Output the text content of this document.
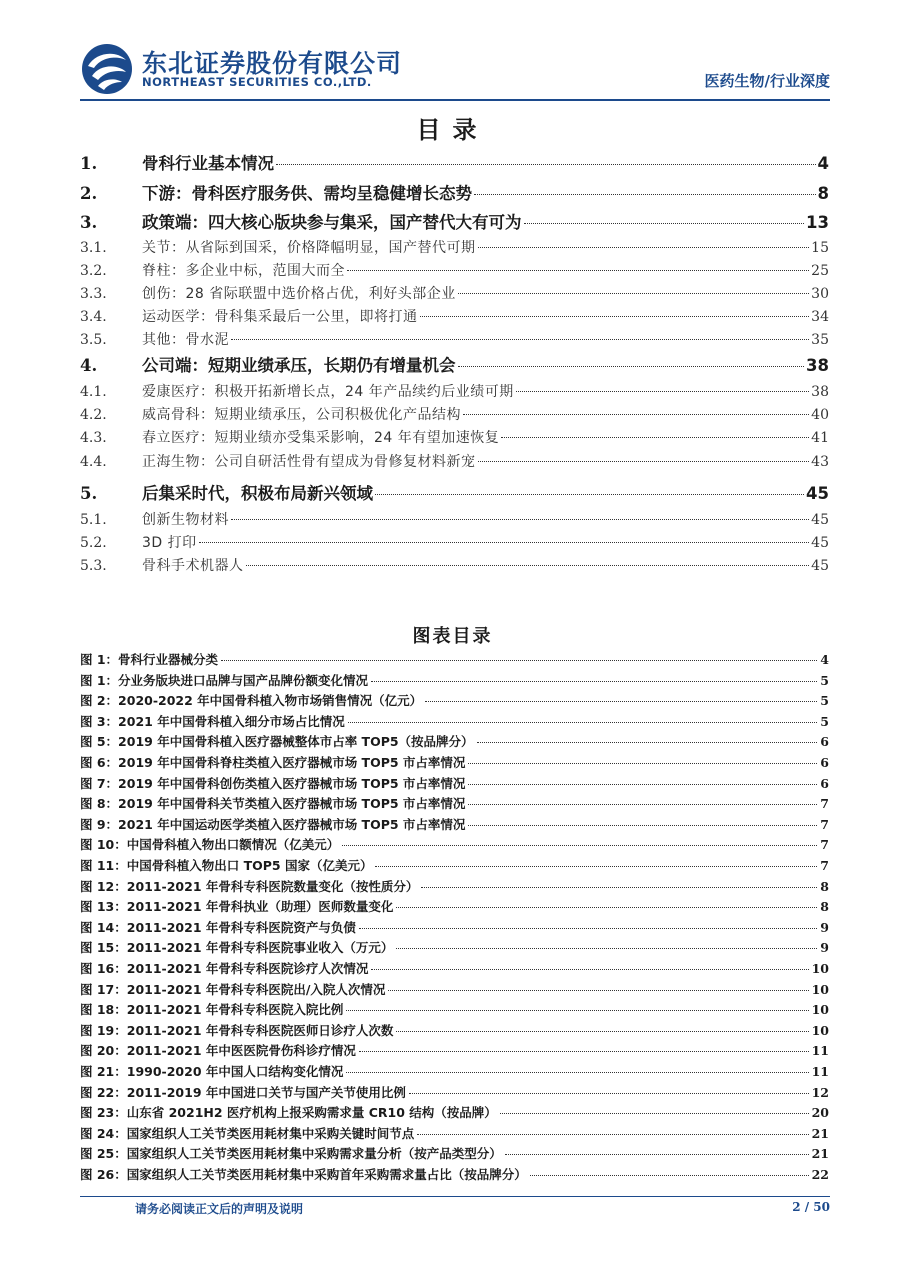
东北证券股份有限公司
NORTHEAST SECURITIES CO.,LTD.	医药生物/行业深度
目录
1.	骨科行业基本情况	4
2.	下游：骨科医疗服务供、需均呈稳健增长态势	8
3.	政策端：四大核心版块参与集采，国产替代大有可为	13
3.1.	关节：从省际到国采，价格降幅明显，国产替代可期	15
3.2.	脊柱：多企业中标，范围大而全	25
3.3.	创伤：28 省际联盟中选价格占优，利好头部企业	30
3.4.	运动医学：骨科集采最后一公里，即将打通	34
3.5.	其他：骨水泥	35
4.	公司端：短期业绩承压，长期仍有增量机会	38
4.1.	爱康医疗：积极开拓新增长点，24 年产品续约后业绩可期	38
4.2.	威高骨科：短期业绩承压，公司积极优化产品结构	40
4.3.	春立医疗：短期业绩亦受集采影响，24 年有望加速恢复	41
4.4.	正海生物：公司自研活性骨有望成为骨修复材料新宠	43
5.	后集采时代，积极布局新兴领域	45
5.1.	创新生物材料	45
5.2.	3D 打印	45
5.3.	骨科手术机器人	45
图表目录
图 1：骨科行业器械分类	4
图 1：分业务版块进口品牌与国产品牌份额变化情况	5
图 2：2020-2022 年中国骨科植入物市场销售情况（亿元）	5
图 3：2021 年中国骨科植入细分市场占比情况	5
图 5：2019 年中国骨科植入医疗器械整体市占率 TOP5（按品牌分）	6
图 6：2019 年中国骨科脊柱类植入医疗器械市场 TOP5 市占率情况	6
图 7：2019 年中国骨科创伤类植入医疗器械市场 TOP5 市占率情况	6
图 8：2019 年中国骨科关节类植入医疗器械市场 TOP5 市占率情况	7
图 9：2021 年中国运动医学类植入医疗器械市场 TOP5 市占率情况	7
图 10：中国骨科植入物出口额情况（亿美元）	7
图 11：中国骨科植入物出口 TOP5 国家（亿美元）	7
图 12：2011-2021 年骨科专科医院数量变化（按性质分）	8
图 13：2011-2021 年骨科执业（助理）医师数量变化	8
图 14：2011-2021 年骨科专科医院资产与负债	9
图 15：2011-2021 年骨科专科医院事业收入（万元）	9
图 16：2011-2021 年骨科专科医院诊疗人次情况	10
图 17：2011-2021 年骨科专科医院出/入院人次情况	10
图 18：2011-2021 年骨科专科医院入院比例	10
图 19：2011-2021 年骨科专科医院医师日诊疗人次数	10
图 20：2011-2021 年中医医院骨伤科诊疗情况	11
图 21：1990-2020 年中国人口结构变化情况	11
图 22：2011-2019 年中国进口关节与国产关节使用比例	12
图 23：山东省 2021H2 医疗机构上报采购需求量 CR10 结构（按品牌）	20
图 24：国家组织人工关节类医用耗材集中采购关键时间节点	21
图 25：国家组织人工关节类医用耗材集中采购需求量分析（按产品类型分）	21
图 26：国家组织人工关节类医用耗材集中采购首年采购需求量占比（按品牌分）	22
请务必阅读正文后的声明及说明	2 / 50
